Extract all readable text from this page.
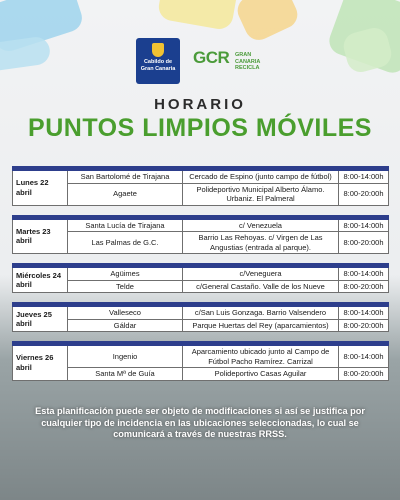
Cabildo de
Gran Canaria
GCR GRAN
CANARIA
RECICLA
HORARIO
PUNTOS LIMPIOS MÓVILES
Lunes 22 abril	San Bartolomé de Tirajana	Cercado de Espino (junto campo de fútbol)	8:00-14:00h
	Agaete	Polideportivo Municipal Alberto Álamo. Urbaniz. El Palmeral	8:00-20:00h
Martes 23 abril	Santa Lucía de Tirajana	c/ Venezuela	8:00-14:00h
	Las Palmas de G.C.	Barrio Las Rehoyas. c/ Virgen de Las Angustias (entrada al parque).	8:00-20:00h
Miércoles 24 abril	Agüimes	c/Veneguera	8:00-14:00h
	Telde	c/General Castaño. Valle de los Nueve	8:00-20:00h
Jueves 25 abril	Valleseco	c/San Luis Gonzaga. Barrio Valsendero	8:00-14:00h
	Gáldar	Parque Huertas del Rey (aparcamientos)	8:00-20:00h
Viernes 26 abril	Ingenio	Aparcamiento ubicado junto al Campo de Fútbol Pacho Ramírez. Carrizal	8:00-14:00h
	Santa Mª de Guía	Polideportivo Casas Aguilar	8:00-20:00h
Esta planificación puede ser objeto de modificaciones si así se justifica por cualquier tipo de incidencia en las ubicaciones seleccionadas, lo cual se comunicará a través de nuestras RRSS.
